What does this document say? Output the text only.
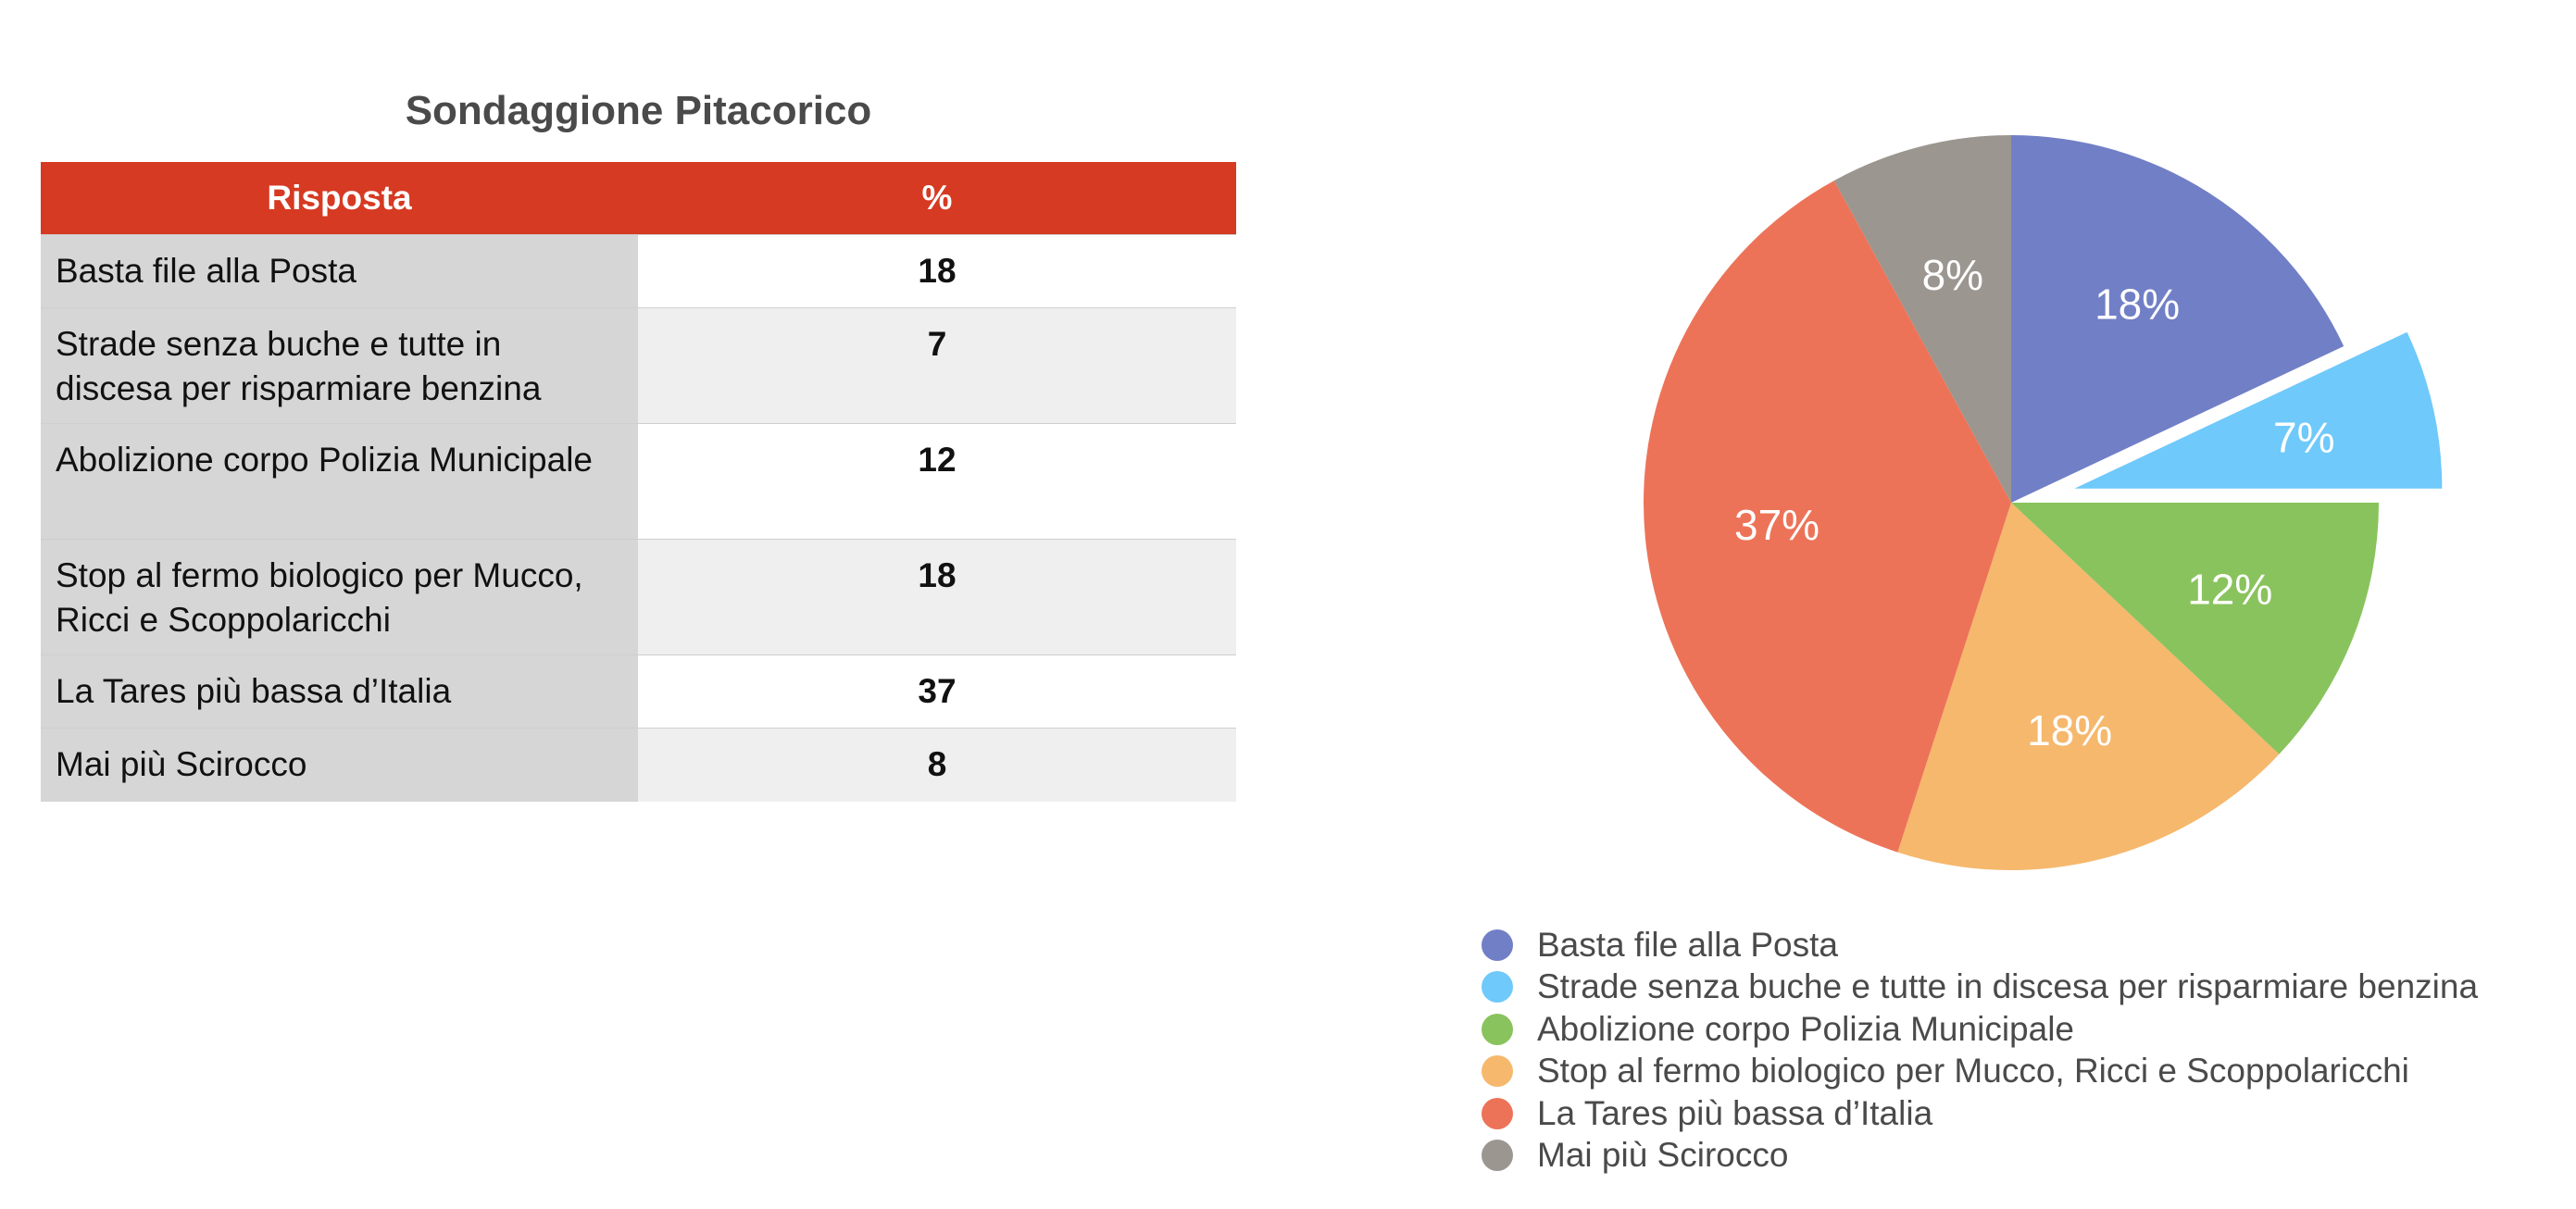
Sondaggione Pitacorico
Risposta	%
Basta file alla Posta	18
Strade senza buche e tutte in discesa per risparmiare benzina	7
Abolizione corpo Polizia Municipale	12
Stop al fermo biologico per Mucco, Ricci e Scoppolaricchi	18
La Tares più bassa d’Italia	37
Mai più Scirocco	8
18%
7%
12%
18%
37%
8%
Basta file alla Posta
Strade senza buche e tutte in discesa per risparmiare benzina
Abolizione corpo Polizia Municipale
Stop al fermo biologico per Mucco, Ricci e Scoppolaricchi
La Tares più bassa d’Italia
Mai più Scirocco
